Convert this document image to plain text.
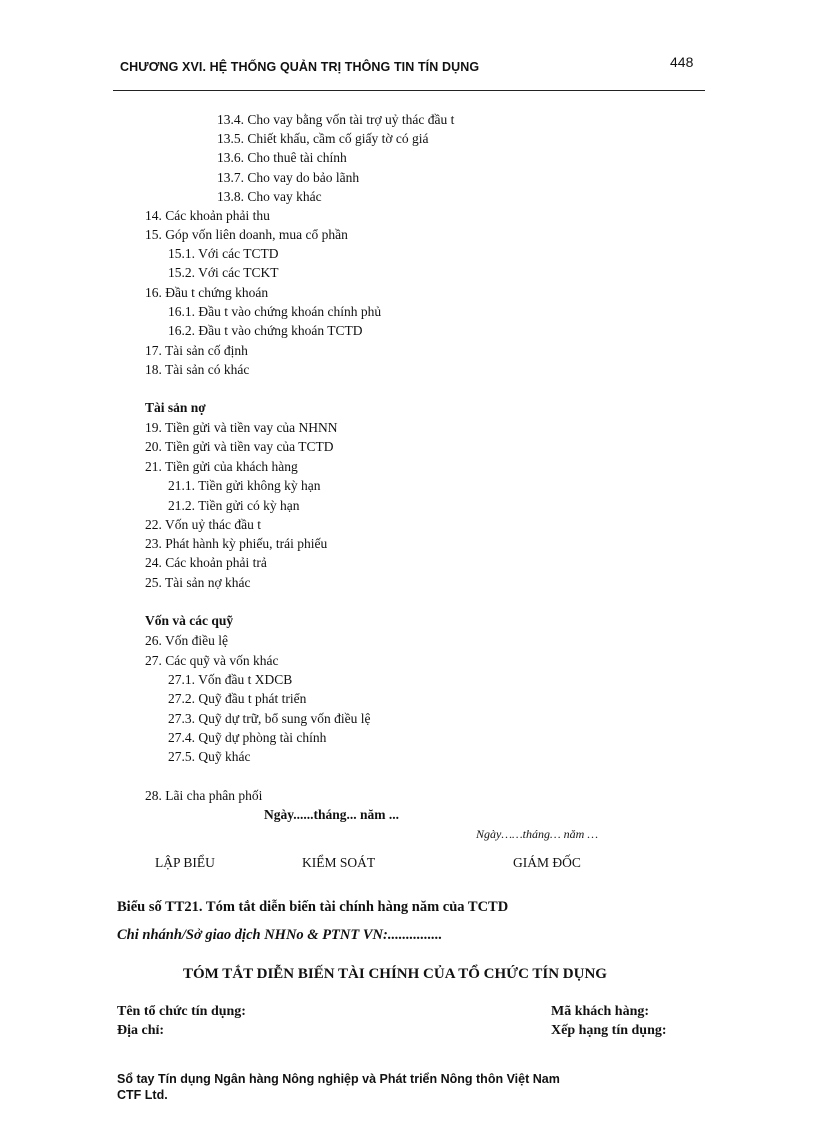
CHƯƠNG XVI. HỆ THỐNG QUẢN TRỊ THÔNG TIN TÍN DỤNG	448
13.4. Cho vay bằng vốn tài trợ uỷ thác đầu t
13.5. Chiết khấu, cầm cố giấy tờ có giá
13.6. Cho thuê tài chính
13.7. Cho vay do bảo lãnh
13.8. Cho vay khác
14. Các khoản phải thu
15. Góp vốn liên doanh, mua cổ phần
15.1. Với các TCTD
15.2. Với các TCKT
16. Đầu t chứng khoán
16.1. Đầu t vào chứng khoán chính phủ
16.2. Đầu t vào chứng khoán TCTD
17. Tài sản cố định
18. Tài sản có khác
Tài sản nợ
19. Tiền gửi và tiền vay của NHNN
20. Tiền gửi và tiền vay của TCTD
21. Tiền gửi của khách hàng
21.1. Tiền gửi không kỳ hạn
21.2. Tiền gửi có kỳ hạn
22. Vốn uỷ thác đầu t
23. Phát hành kỳ phiếu, trái phiếu
24. Các khoản phải trả
25. Tài sản nợ khác
Vốn và các quỹ
26. Vốn điều lệ
27. Các quỹ và vốn khác
27.1. Vốn đầu t XDCB
27.2. Quỹ đầu t phát triển
27.3. Quỹ dự trữ, bổ sung vốn điều lệ
27.4. Quỹ dự phòng tài chính
27.5. Quỹ khác
28. Lãi cha phân phối
Ngày......tháng... năm ...
Ngày……tháng… năm …
LẬP BIỂU	KIỂM SOÁT	GIÁM ĐỐC
Biểu số TT21. Tóm tắt diễn biến tài chính hàng năm của TCTD
Chi nhánh/Sở giao dịch NHNo & PTNT VN:...............
TÓM TẮT DIỄN BIẾN TÀI CHÍNH CỦA TỔ CHỨC TÍN DỤNG
Tên tổ chức tín dụng:
Địa chỉ:
Mã khách hàng:
Xếp hạng tín dụng:
Sổ tay Tín dụng Ngân hàng Nông nghiệp và Phát triển Nông thôn Việt Nam
CTF Ltd.
